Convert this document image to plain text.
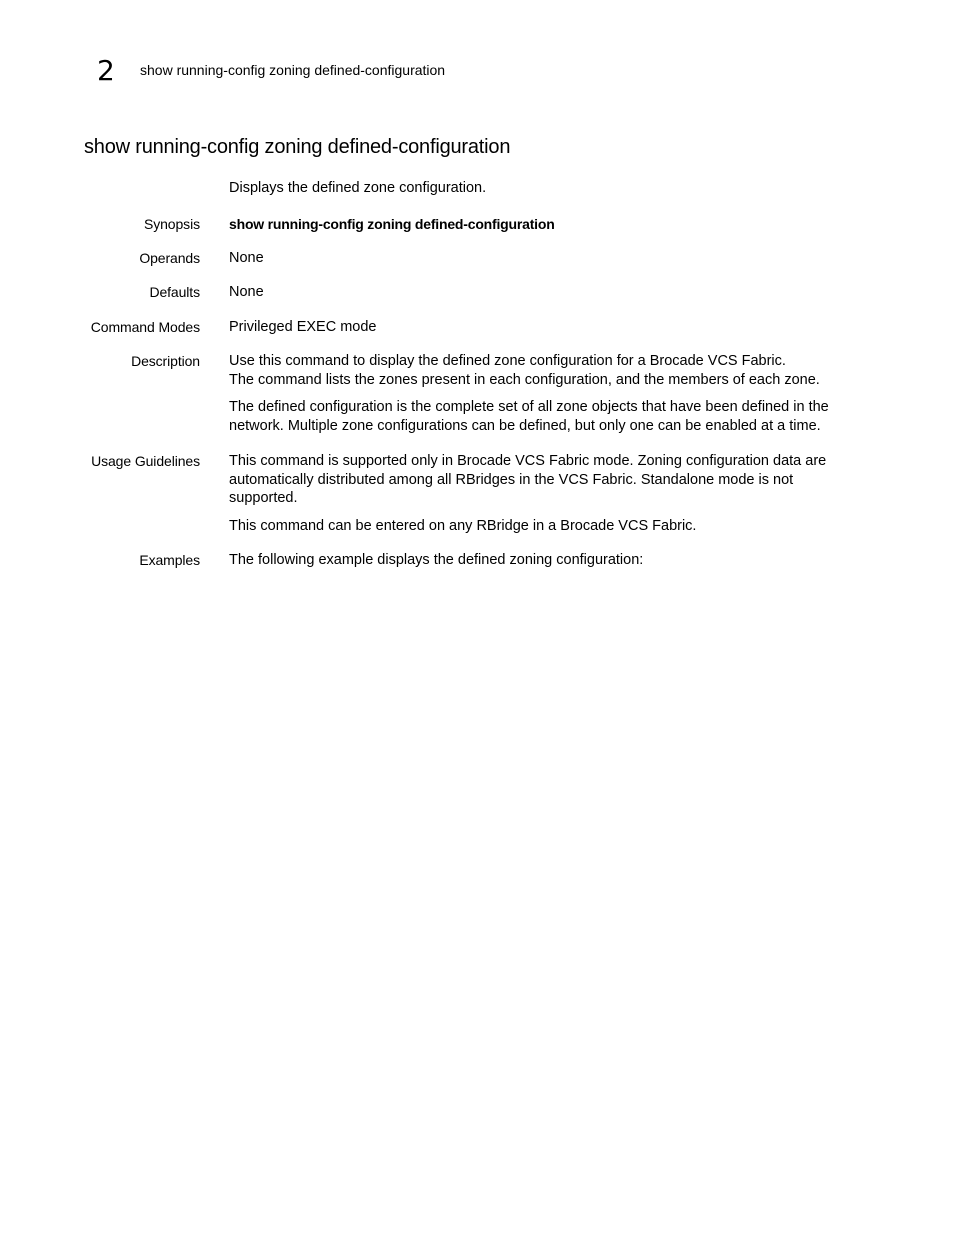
2	show running-config zoning defined-configuration
show running-config zoning defined-configuration

Displays the defined zone configuration.

Synopsis show running-config zoning defined-configuration

Operands None

Defaults None

Command Modes Privileged EXEC mode

Description Use this command to display the defined zone configuration for a Brocade VCS Fabric.
The command lists the zones present in each configuration, and the members of each zone.

The defined configuration is the complete set of all zone objects that have been defined in the
network. Multiple zone configurations can be defined, but only one can be enabled at a time.

Usage Guidelines This command is supported only in Brocade VCS Fabric mode. Zoning configuration data are
automatically distributed among all RBridges in the VCS Fabric. Standalone mode is not
supported.

This command can be entered on any RBridge in a Brocade VCS Fabric.

Examples The following example displays the defined zoning configuration:
